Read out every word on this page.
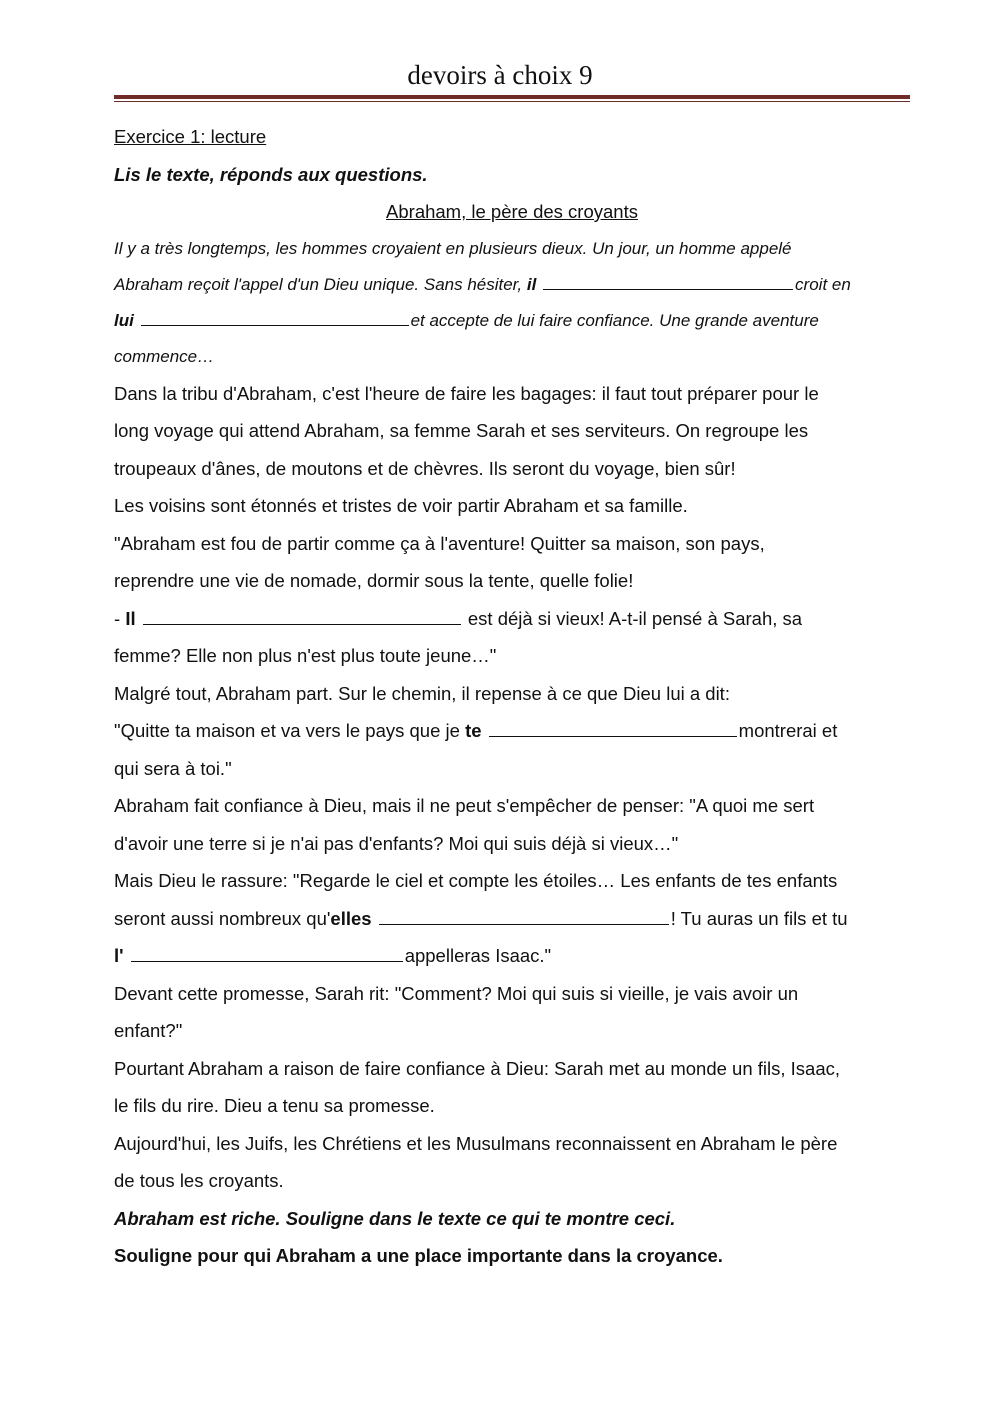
devoirs à choix 9
Exercice 1: lecture
Lis le texte, réponds aux questions.
Abraham, le père des croyants
Il y a très longtemps, les hommes croyaient en plusieurs dieux. Un jour, un homme appelé
Abraham reçoit l'appel d'un Dieu unique. Sans hésiter, il	croit en
lui	et accepte de lui faire confiance. Une grande aventure
commence…
Dans la tribu d'Abraham, c'est l'heure de faire les bagages: il faut tout préparer pour le
long voyage qui attend Abraham, sa femme Sarah et ses serviteurs. On regroupe les
troupeaux d'ânes, de moutons et de chèvres. Ils seront du voyage, bien sûr!
Les voisins sont étonnés et tristes de voir partir Abraham et sa famille.
"Abraham est fou de partir comme ça à l'aventure! Quitter sa maison, son pays,
reprendre une vie de nomade, dormir sous la tente, quelle folie!
- Il	est déjà si vieux! A-t-il pensé à Sarah, sa
femme? Elle non plus n'est plus toute jeune…"
Malgré tout, Abraham part. Sur le chemin, il repense à ce que Dieu lui a dit:
"Quitte ta maison et va vers le pays que je te	montrerai et
qui sera à toi."
Abraham fait confiance à Dieu, mais il ne peut s'empêcher de penser: "A quoi me sert
d'avoir une terre si je n'ai pas d'enfants? Moi qui suis déjà si vieux…"
Mais Dieu le rassure: "Regarde le ciel et compte les étoiles… Les enfants de tes enfants
seront aussi nombreux qu'elles	! Tu auras un fils et tu
l'	appelleras Isaac."
Devant cette promesse, Sarah rit: "Comment? Moi qui suis si vieille, je vais avoir un
enfant?"
Pourtant Abraham a raison de faire confiance à Dieu: Sarah met au monde un fils, Isaac,
le fils du rire. Dieu a tenu sa promesse.
Aujourd'hui, les Juifs, les Chrétiens et les Musulmans reconnaissent en Abraham le père
de tous les croyants.
Abraham est riche. Souligne dans le texte ce qui te montre ceci.
Souligne pour qui Abraham a une place importante dans la croyance.
